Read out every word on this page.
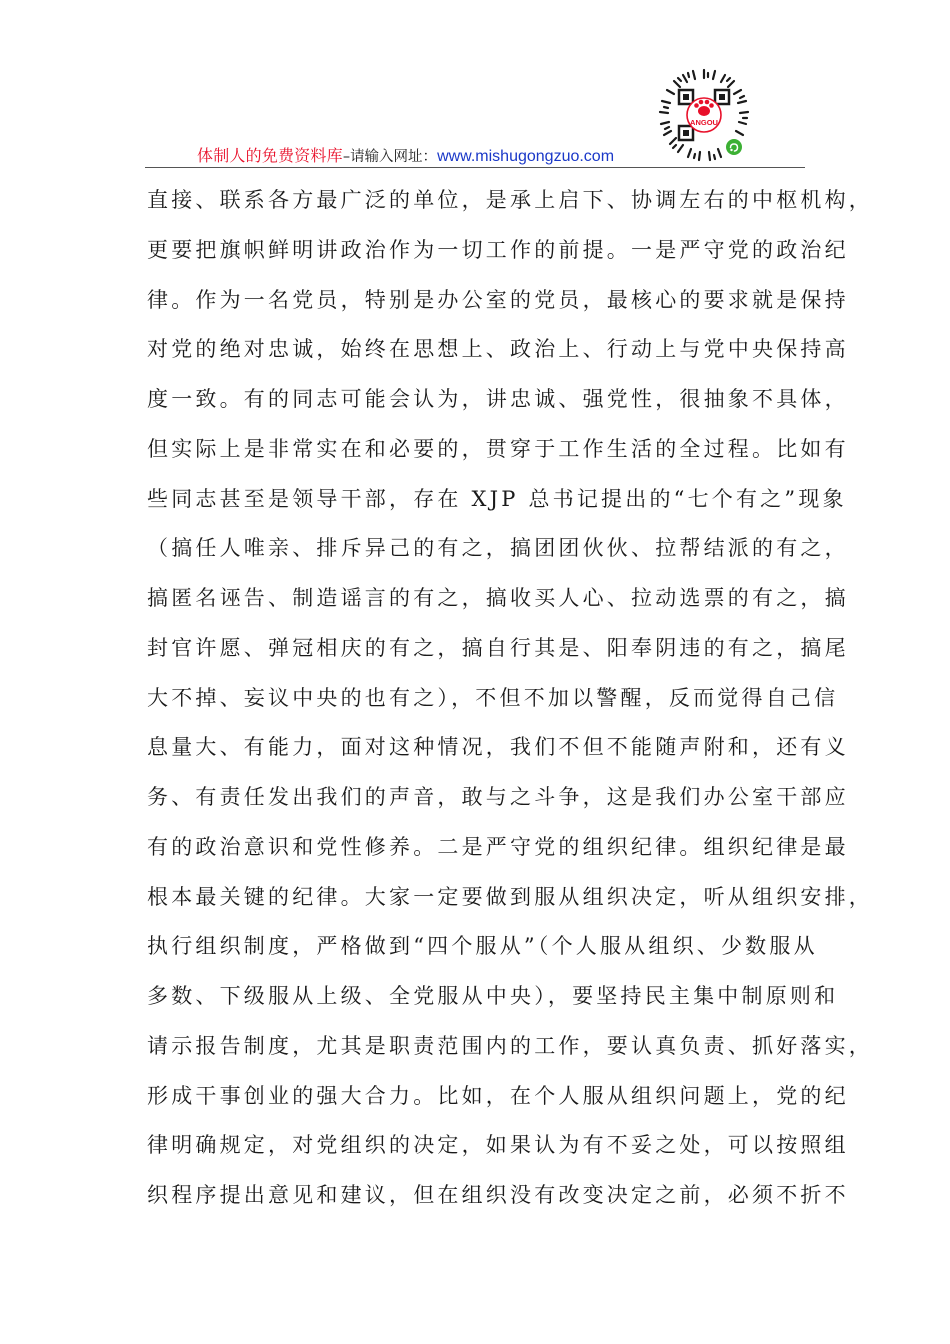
ANGOU
体制人的免费资料库–请输入网址：www.mishugongzuo.com
直接、联系各方最广泛的单位，是承上启下、协调左右的中枢机构，
更要把旗帜鲜明讲政治作为一切工作的前提。一是严守党的政治纪
律。作为一名党员，特别是办公室的党员，最核心的要求就是保持
对党的绝对忠诚，始终在思想上、政治上、行动上与党中央保持高
度一致。有的同志可能会认为，讲忠诚、强党性，很抽象不具体，
但实际上是非常实在和必要的，贯穿于工作生活的全过程。比如有
些同志甚至是领导干部，存在 XJP 总书记提出的“七个有之”现象
（搞任人唯亲、排斥异己的有之，搞团团伙伙、拉帮结派的有之，
搞匿名诬告、制造谣言的有之，搞收买人心、拉动选票的有之，搞
封官许愿、弹冠相庆的有之，搞自行其是、阳奉阴违的有之，搞尾
大不掉、妄议中央的也有之），不但不加以警醒，反而觉得自己信
息量大、有能力，面对这种情况，我们不但不能随声附和，还有义
务、有责任发出我们的声音，敢与之斗争，这是我们办公室干部应
有的政治意识和党性修养。二是严守党的组织纪律。组织纪律是最
根本最关键的纪律。大家一定要做到服从组织决定，听从组织安排，
执行组织制度，严格做到“四个服从”（个人服从组织、少数服从
多数、下级服从上级、全党服从中央），要坚持民主集中制原则和
请示报告制度，尤其是职责范围内的工作，要认真负责、抓好落实，
形成干事创业的强大合力。比如，在个人服从组织问题上，党的纪
律明确规定，对党组织的决定，如果认为有不妥之处，可以按照组
织程序提出意见和建议，但在组织没有改变决定之前，必须不折不
